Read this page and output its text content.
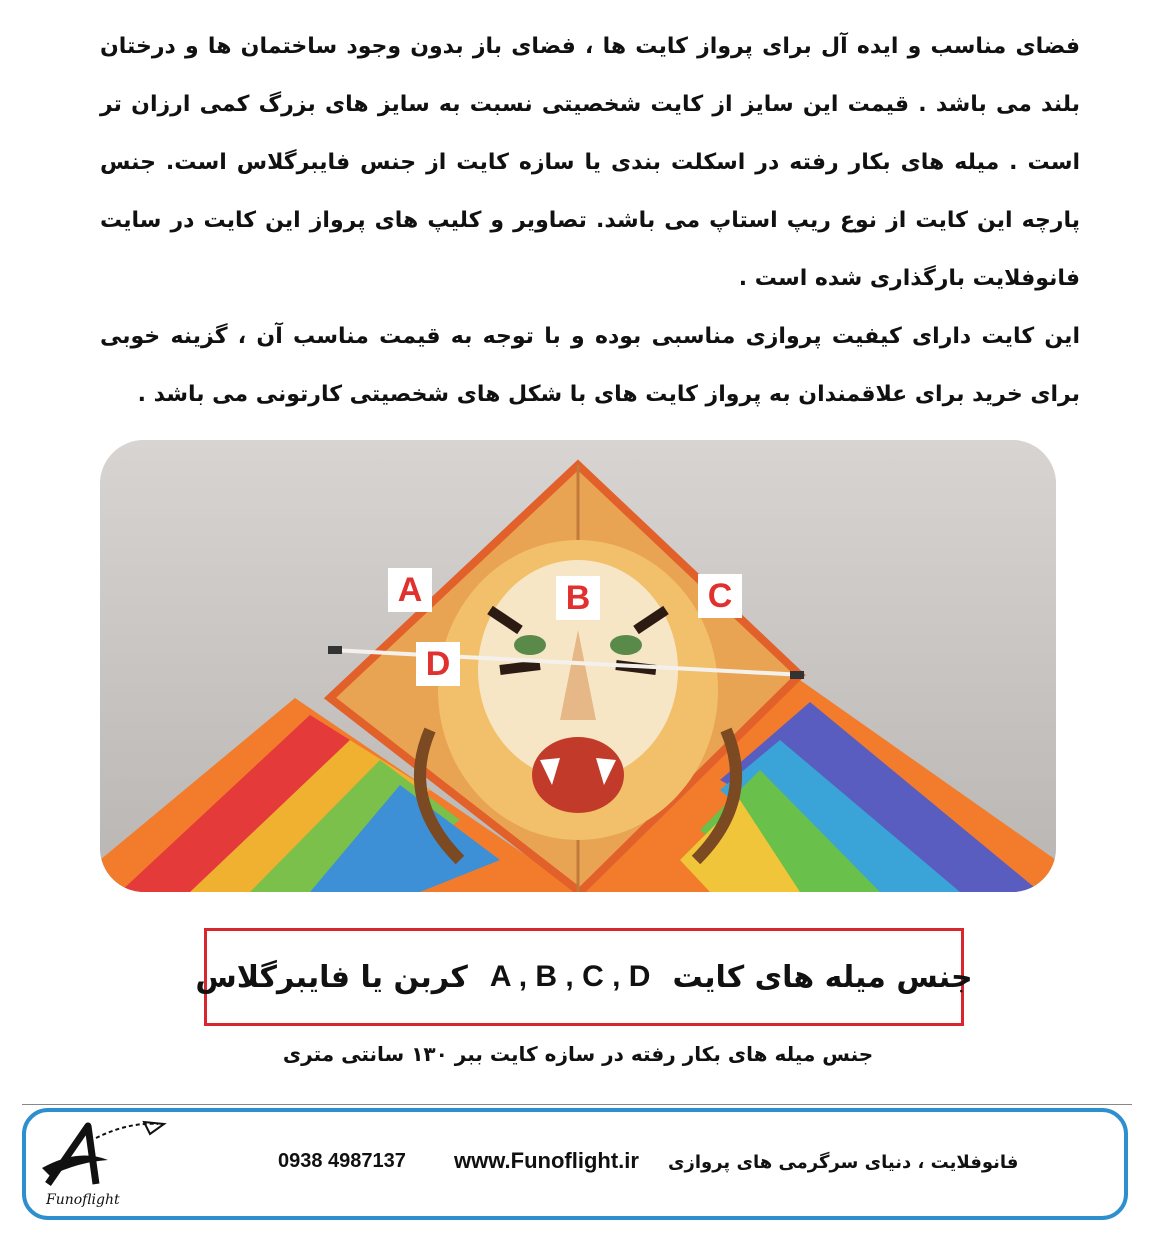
فضای مناسب و ایده آل برای پرواز کایت ها ، فضای باز بدون وجود ساختمان ها و درختان
بلند می باشد . قیمت این سایز از کایت شخصیتی نسبت به سایز های بزرگ کمی ارزان تر
است . میله های بکار رفته در اسکلت بندی یا سازه کایت از جنس فایبرگلاس است. جنس
پارچه این کایت از نوع ریپ استاپ می باشد. تصاویر و کلیپ های پرواز این کایت در سایت
فانوفلایت بارگذاری شده است .
این کایت دارای کیفیت پروازی مناسبی بوده و با توجه به قیمت مناسب آن ، گزینه خوبی
برای خرید برای علاقمندان به پرواز کایت های با شکل های شخصیتی کارتونی می باشد .
A	B	C
D
جنس میله های کایت
A , B , C , D
کربن یا فایبرگلاس
جنس میله های بکار رفته در سازه کایت ببر ۱۳۰ سانتی متری
Funoflight
0938 4987137 www.Funoflight.ir فانوفلایت ، دنیای سرگرمی های پروازی
